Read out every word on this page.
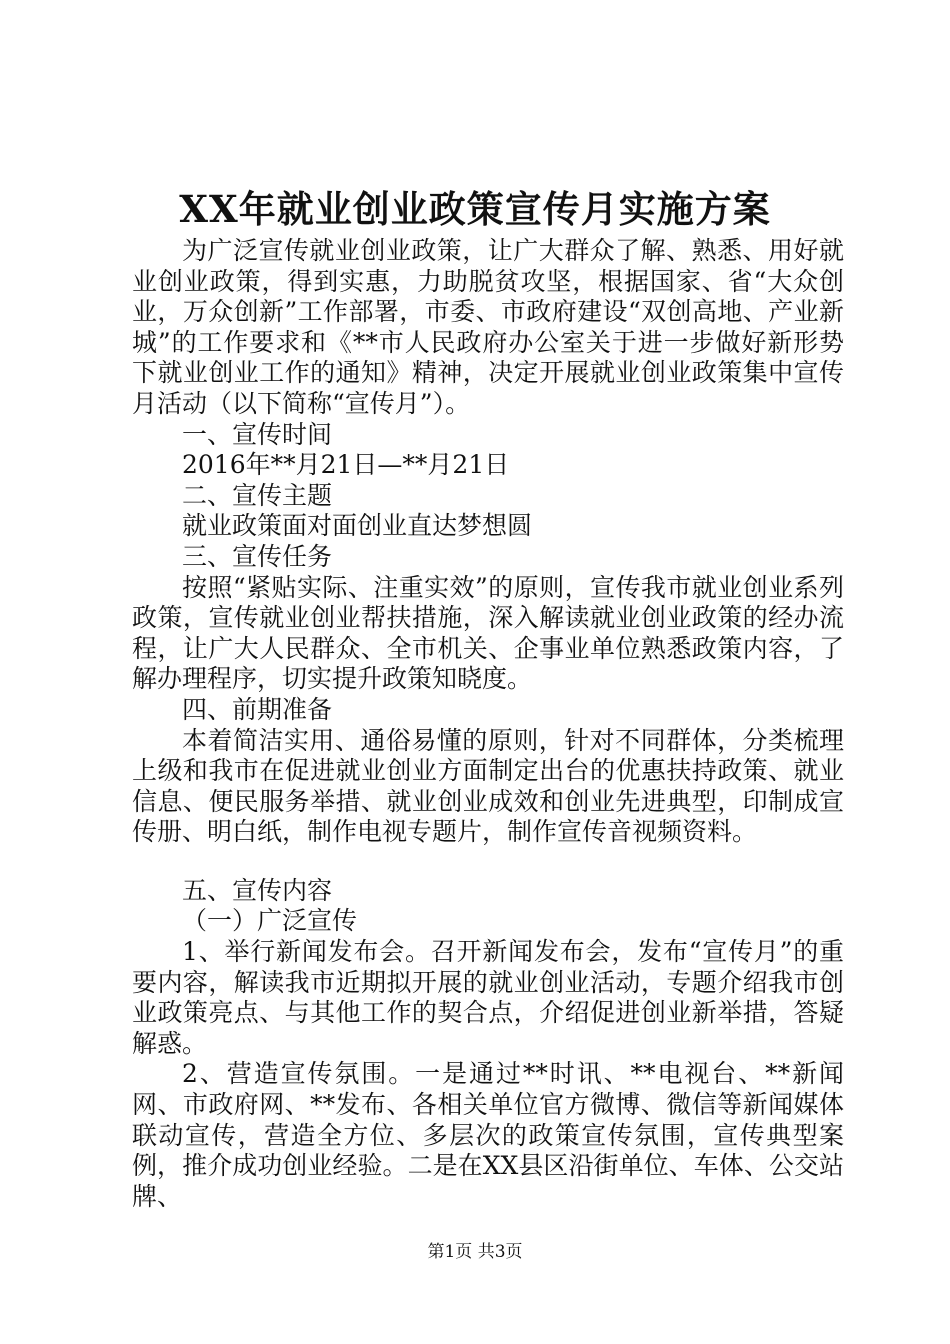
XX年就业创业政策宣传月实施方案

为广泛宣传就业创业政策，让广大群众了解、熟悉、用好就业创业政策，得到实惠，力助脱贫攻坚，根据国家、省“大众创业，万众创新”工作部署，市委、市政府建设“双创高地、产业新城”的工作要求和《**市人民政府办公室关于进一步做好新形势下就业创业工作的通知》精神，决定开展就业创业政策集中宣传月活动（以下简称“宣传月”）。

一、宣传时间

2016年**月21日—**月21日

二、宣传主题

就业政策面对面创业直达梦想圆

三、宣传任务

按照“紧贴实际、注重实效”的原则，宣传我市就业创业系列政策，宣传就业创业帮扶措施，深入解读就业创业政策的经办流程，让广大人民群众、全市机关、企事业单位熟悉政策内容，了解办理程序，切实提升政策知晓度。

四、前期准备

本着简洁实用、通俗易懂的原则，针对不同群体，分类梳理上级和我市在促进就业创业方面制定出台的优惠扶持政策、就业信息、便民服务举措、就业创业成效和创业先进典型，印制成宣传册、明白纸，制作电视专题片，制作宣传音视频资料。

五、宣传内容

（一）广泛宣传

1、举行新闻发布会。召开新闻发布会，发布“宣传月”的重要内容，解读我市近期拟开展的就业创业活动，专题介绍我市创业政策亮点、与其他工作的契合点，介绍促进创业新举措，答疑解惑。

2、营造宣传氛围。一是通过**时讯、**电视台、**新闻网、市政府网、**发布、各相关单位官方微博、微信等新闻媒体联动宣传，营造全方位、多层次的政策宣传氛围，宣传典型案例，推介成功创业经验。二是在XX县区沿街单位、车体、公交站牌、

第1页 共3页
